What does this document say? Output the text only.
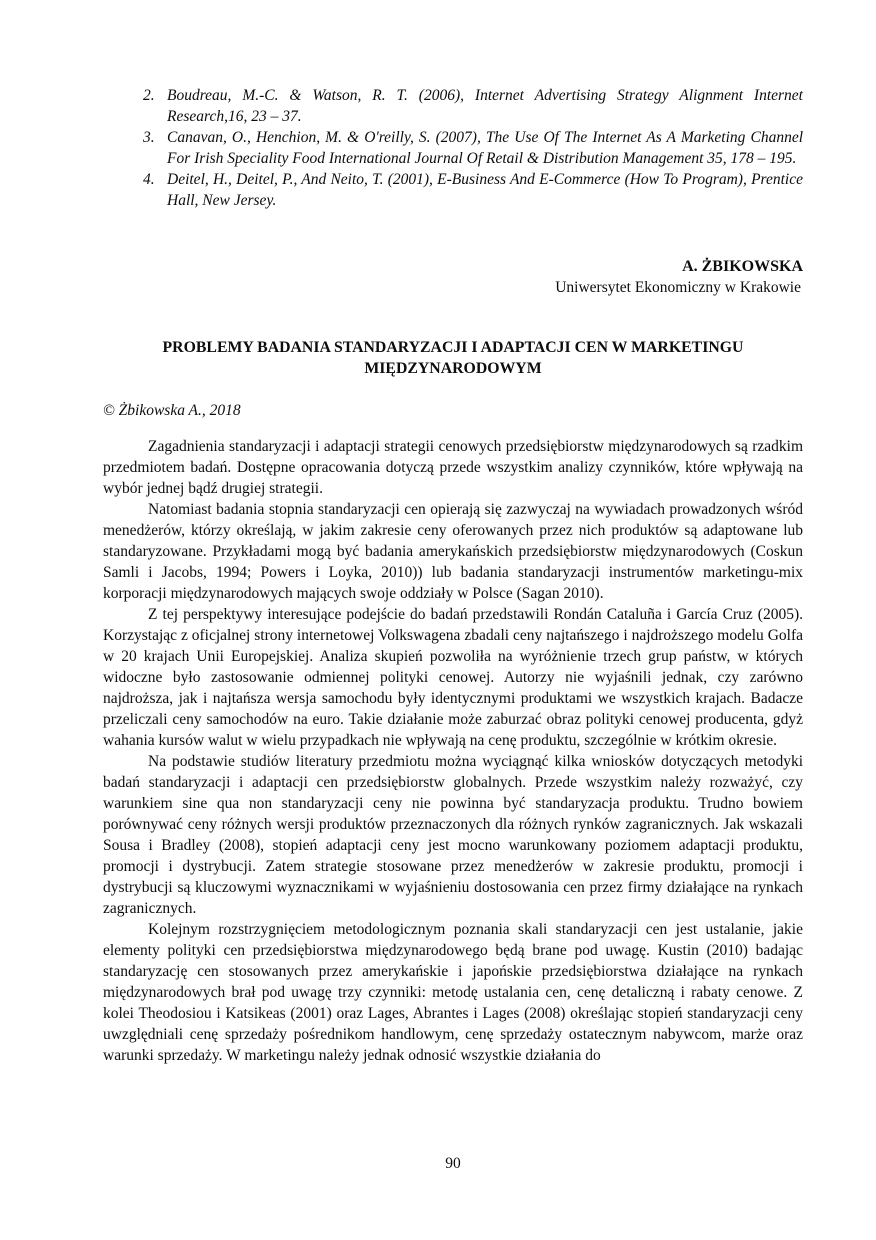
2. Boudreau, M.-C. & Watson, R. T. (2006), Internet Advertising Strategy Alignment Internet Research,16, 23 – 37.
3. Canavan, O., Henchion, M. & O'reilly, S. (2007), The Use Of The Internet As A Marketing Channel For Irish Speciality Food International Journal Of Retail & Distribution Management 35, 178 – 195.
4. Deitel, H., Deitel, P., And Neito, T. (2001), E-Business And E-Commerce (How To Program), Prentice Hall, New Jersey.
A. ŻBIKOWSKA
Uniwersytet Ekonomiczny w Krakowie
PROBLEMY BADANIA STANDARYZACJI I ADAPTACJI CEN W MARKETINGU MIĘDZYNARODOWYM
© Żbikowska A., 2018

Zagadnienia standaryzacji i adaptacji strategii cenowych przedsiębiorstw międzynarodowych są rzadkim przedmiotem badań. Dostępne opracowania dotyczą przede wszystkim analizy czynników, które wpływają na wybór jednej bądź drugiej strategii.

Natomiast badania stopnia standaryzacji cen opierają się zazwyczaj na wywiadach prowadzonych wśród menedżerów, którzy określają, w jakim zakresie ceny oferowanych przez nich produktów są adaptowane lub standaryzowane. Przykładami mogą być badania amerykańskich przedsiębiorstw międzynarodowych (Coskun Samli i Jacobs, 1994; Powers i Loyka, 2010)) lub badania standaryzacji instrumentów marketingu-mix korporacji międzynarodowych mających swoje oddziały w Polsce (Sagan 2010).

Z tej perspektywy interesujące podejście do badań przedstawili Rondán Cataluña i García Cruz (2005). Korzystając z oficjalnej strony internetowej Volkswagena zbadali ceny najtańszego i najdroższego modelu Golfa w 20 krajach Unii Europejskiej. Analiza skupień pozwoliła na wyróżnienie trzech grup państw, w których widoczne było zastosowanie odmiennej polityki cenowej. Autorzy nie wyjaśnili jednak, czy zarówno najdroższa, jak i najtańsza wersja samochodu były identycznymi produktami we wszystkich krajach. Badacze przeliczali ceny samochodów na euro. Takie działanie może zaburzać obraz polityki cenowej producenta, gdyż wahania kursów walut w wielu przypadkach nie wpływają na cenę produktu, szczególnie w krótkim okresie.

Na podstawie studiów literatury przedmiotu można wyciągnąć kilka wniosków dotyczących metodyki badań standaryzacji i adaptacji cen przedsiębiorstw globalnych. Przede wszystkim należy rozważyć, czy warunkiem sine qua non standaryzacji ceny nie powinna być standaryzacja produktu. Trudno bowiem porównywać ceny różnych wersji produktów przeznaczonych dla różnych rynków zagranicznych. Jak wskazali Sousa i Bradley (2008), stopień adaptacji ceny jest mocno warunkowany poziomem adaptacji produktu, promocji i dystrybucji. Zatem strategie stosowane przez menedżerów w zakresie produktu, promocji i dystrybucji są kluczowymi wyznacznikami w wyjaśnieniu dostosowania cen przez firmy działające na rynkach zagranicznych.

Kolejnym rozstrzygnięciem metodologicznym poznania skali standaryzacji cen jest ustalanie, jakie elementy polityki cen przedsiębiorstwa międzynarodowego będą brane pod uwagę. Kustin (2010) badając standaryzację cen stosowanych przez amerykańskie i japońskie przedsiębiorstwa działające na rynkach międzynarodowych brał pod uwagę trzy czynniki: metodę ustalania cen, cenę detaliczną i rabaty cenowe. Z kolei Theodosiou i Katsikeas (2001) oraz Lages, Abrantes i Lages (2008) określając stopień standaryzacji ceny uwzględniali cenę sprzedaży pośrednikom handlowym, cenę sprzedaży ostatecznym nabywcom, marże oraz warunki sprzedaży. W marketingu należy jednak odnosić wszystkie działania do

90
